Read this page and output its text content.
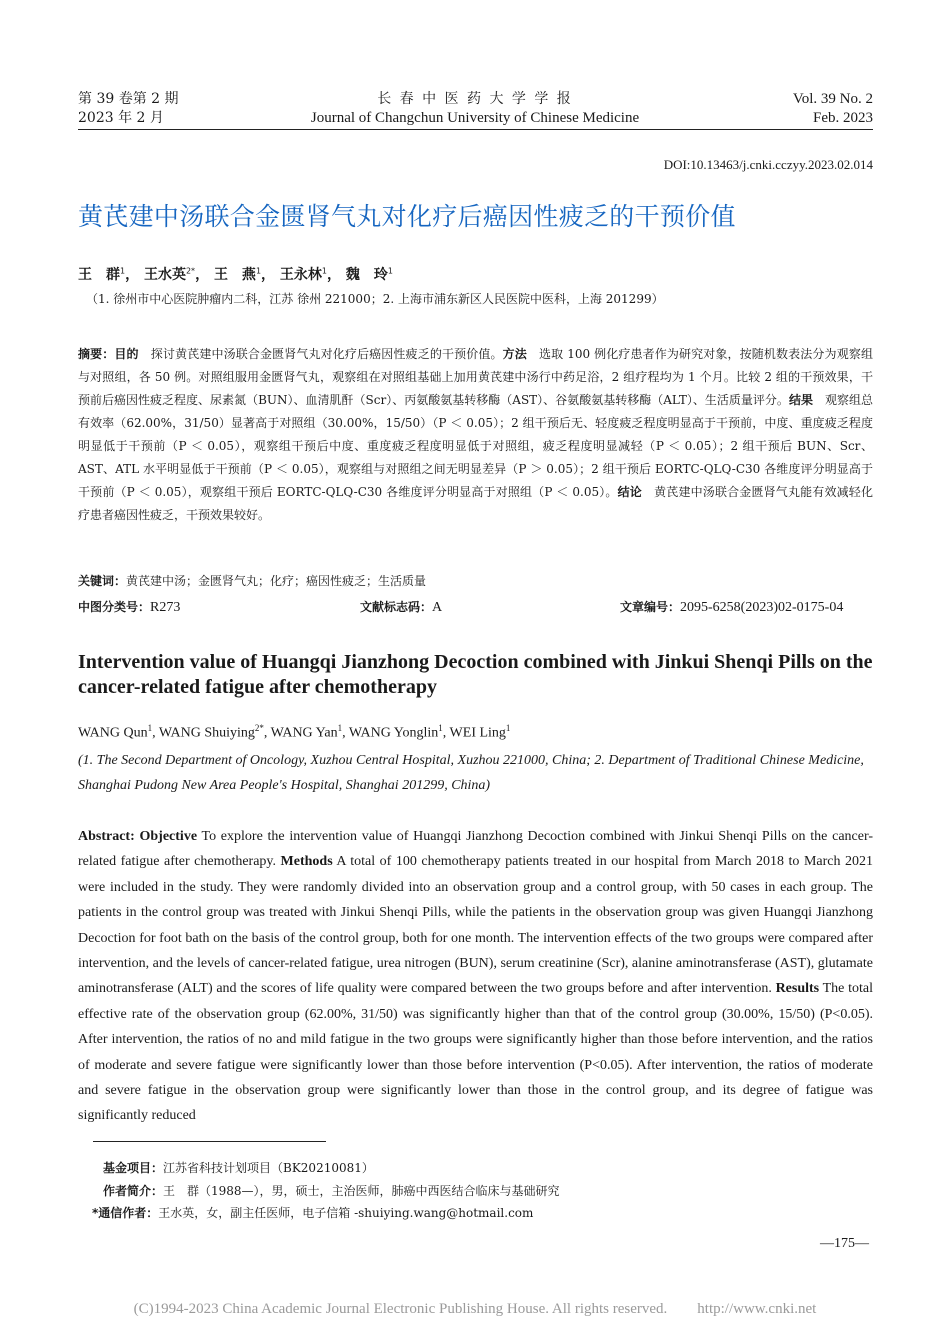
第 39 卷第 2 期
2023 年 2 月
长 春 中 医 药 大 学 学 报
Journal of Changchun University of Chinese Medicine
Vol. 39 No. 2
Feb. 2023
DOI:10.13463/j.cnki.cczyy.2023.02.014
黄芪建中汤联合金匮肾气丸对化疗后癌因性疲乏的干预价值
王　群$^1$， 王水英$^{2*}$， 王　燕$^1$， 王永林$^1$， 魏　玲$^1$
（1. 徐州市中心医院肿瘤内二科，江苏 徐州 221000；2. 上海市浦东新区人民医院中医科，上海 201299）
摘要：目的　探讨黄芪建中汤联合金匮肾气丸对化疗后癌因性疲乏的干预价值。方法　选取 100 例化疗患者作为研究对象，按随机数表法分为观察组与对照组，各 50 例。对照组服用金匮肾气丸，观察组在对照组基础上加用黄芪建中汤行中药足浴，2 组疗程均为 1 个月。比较 2 组的干预效果，干预前后癌因性疲乏程度、尿素氮（BUN）、血清肌酐（Scr）、丙氨酸氨基转移酶（AST）、谷氨酸氨基转移酶（ALT）、生活质量评分。结果　观察组总有效率（62.00%，31/50）显著高于对照组（30.00%，15/50）（P ＜ 0.05）；2 组干预后无、轻度疲乏程度明显高于干预前，中度、重度疲乏程度明显低于干预前（P ＜ 0.05），观察组干预后中度、重度疲乏程度明显低于对照组，疲乏程度明显减轻（P ＜ 0.05）；2 组干预后 BUN、Scr、AST、ATL 水平明显低于干预前（P ＜ 0.05），观察组与对照组之间无明显差异（P ＞ 0.05）；2 组干预后 EORTC-QLQ-C30 各维度评分明显高于干预前（P ＜ 0.05），观察组干预后 EORTC-QLQ-C30 各维度评分明显高于对照组（P ＜ 0.05）。结论　黄芪建中汤联合金匮肾气丸能有效减轻化疗患者癌因性疲乏，干预效果较好。
关键词：黄芪建中汤；金匮肾气丸；化疗；癌因性疲乏；生活质量
中图分类号：R273	文献标志码：A	文章编号：2095-6258(2023)02-0175-04
Intervention value of Huangqi Jianzhong Decoction combined with Jinkui Shenqi Pills on the cancer-related fatigue after chemotherapy
WANG Qun$^1$, WANG Shuiying$^{2*}$, WANG Yan$^1$, WANG Yonglin$^1$, WEI Ling$^1$
(1. The Second Department of Oncology, Xuzhou Central Hospital, Xuzhou 221000, China; 2. Department of Traditional Chinese Medicine, Shanghai Pudong New Area People's Hospital, Shanghai 201299, China)
Abstract: Objective To explore the intervention value of Huangqi Jianzhong Decoction combined with Jinkui Shenqi Pills on the cancer-related fatigue after chemotherapy. Methods A total of 100 chemotherapy patients treated in our hospital from March 2018 to March 2021 were included in the study. They were randomly divided into an observation group and a control group, with 50 cases in each group. The patients in the control group was treated with Jinkui Shenqi Pills, while the patients in the observation group was given Huangqi Jianzhong Decoction for foot bath on the basis of the control group, both for one month. The intervention effects of the two groups were compared after intervention, and the levels of cancer-related fatigue, urea nitrogen (BUN), serum creatinine (Scr), alanine aminotransferase (AST), glutamate aminotransferase (ALT) and the scores of life quality were compared between the two groups before and after intervention. Results The total effective rate of the observation group (62.00%, 31/50) was significantly higher than that of the control group (30.00%, 15/50) (P<0.05). After intervention, the ratios of no and mild fatigue in the two groups were significantly higher than those before intervention, and the ratios of moderate and severe fatigue were significantly lower than those before intervention (P<0.05). After intervention, the ratios of moderate and severe fatigue in the observation group were significantly lower than those in the control group, and its degree of fatigue was significantly reduced
基金项目：江苏省科技计划项目（BK20210081）
作者简介：王　群（1988—），男，硕士，主治医师，肺癌中西医结合临床与基础研究
*通信作者：王水英，女，副主任医师，电子信箱 -shuiying.wang@hotmail.com
—175—
(C)1994-2023 China Academic Journal Electronic Publishing House. All rights reserved.　　http://www.cnki.net
